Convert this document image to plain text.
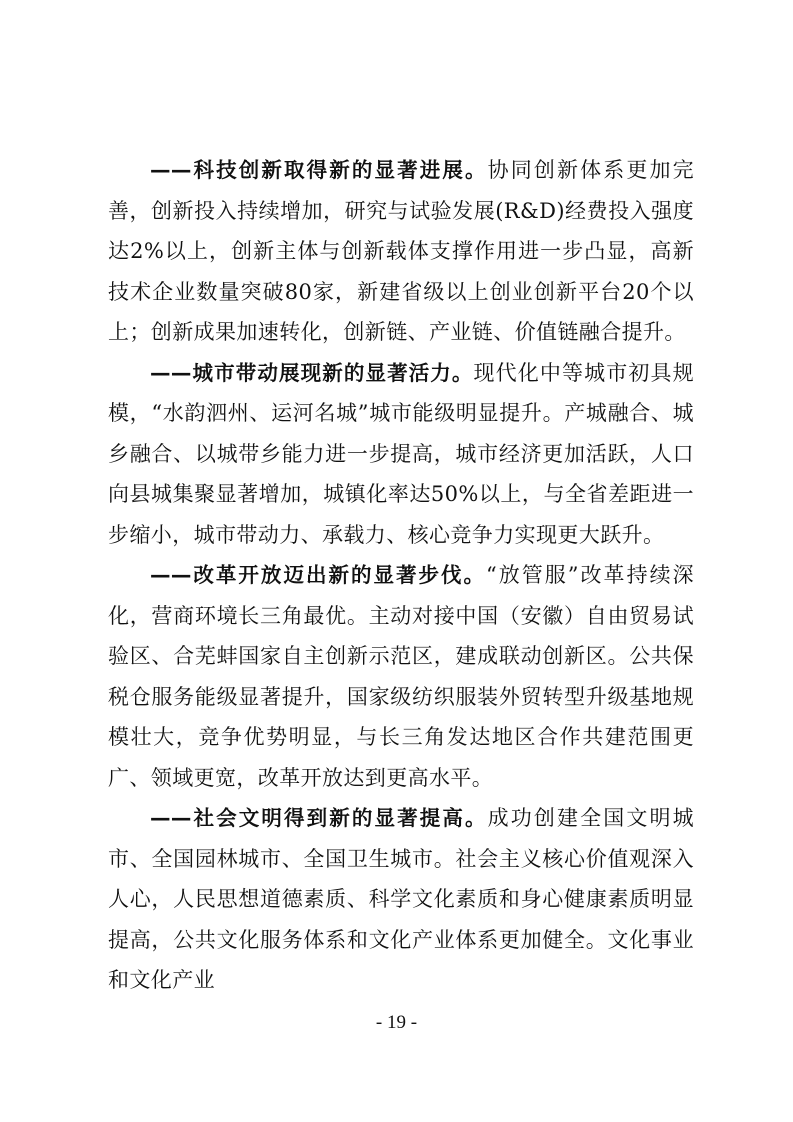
——科技创新取得新的显著进展。协同创新体系更加完善，创新投入持续增加，研究与试验发展(R&D)经费投入强度达2%以上，创新主体与创新载体支撑作用进一步凸显，高新技术企业数量突破80家，新建省级以上创业创新平台20个以上；创新成果加速转化，创新链、产业链、价值链融合提升。

——城市带动展现新的显著活力。现代化中等城市初具规模，“水韵泗州、运河名城”城市能级明显提升。产城融合、城乡融合、以城带乡能力进一步提高，城市经济更加活跃，人口向县城集聚显著增加，城镇化率达50%以上，与全省差距进一步缩小，城市带动力、承载力、核心竞争力实现更大跃升。

——改革开放迈出新的显著步伐。“放管服”改革持续深化，营商环境长三角最优。主动对接中国（安徽）自由贸易试验区、合芜蚌国家自主创新示范区，建成联动创新区。公共保税仓服务能级显著提升，国家级纺织服装外贸转型升级基地规模壮大，竞争优势明显，与长三角发达地区合作共建范围更广、领域更宽，改革开放达到更高水平。

——社会文明得到新的显著提高。成功创建全国文明城市、全国园林城市、全国卫生城市。社会主义核心价值观深入人心，人民思想道德素质、科学文化素质和身心健康素质明显提高，公共文化服务体系和文化产业体系更加健全。文化事业和文化产业

- 19 -
